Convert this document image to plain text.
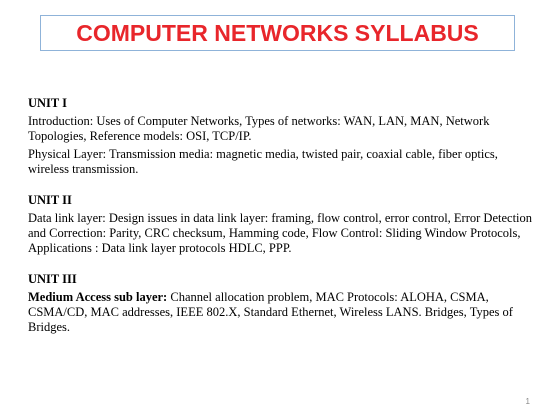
COMPUTER NETWORKS SYLLABUS
UNIT I
Introduction: Uses of Computer Networks, Types of networks: WAN, LAN, MAN, Network Topologies, Reference models: OSI, TCP/IP.
Physical Layer: Transmission media: magnetic media, twisted pair, coaxial cable, fiber optics, wireless transmission.
UNIT II
Data link layer: Design issues in data link layer: framing, flow control, error control, Error Detection and Correction: Parity, CRC checksum, Hamming code, Flow Control: Sliding Window Protocols, Applications : Data link layer protocols HDLC, PPP.
UNIT III
Medium Access sub layer: Channel allocation problem, MAC Protocols: ALOHA, CSMA, CSMA/CD, MAC addresses, IEEE 802.X, Standard Ethernet, Wireless LANS. Bridges, Types of Bridges.
1
